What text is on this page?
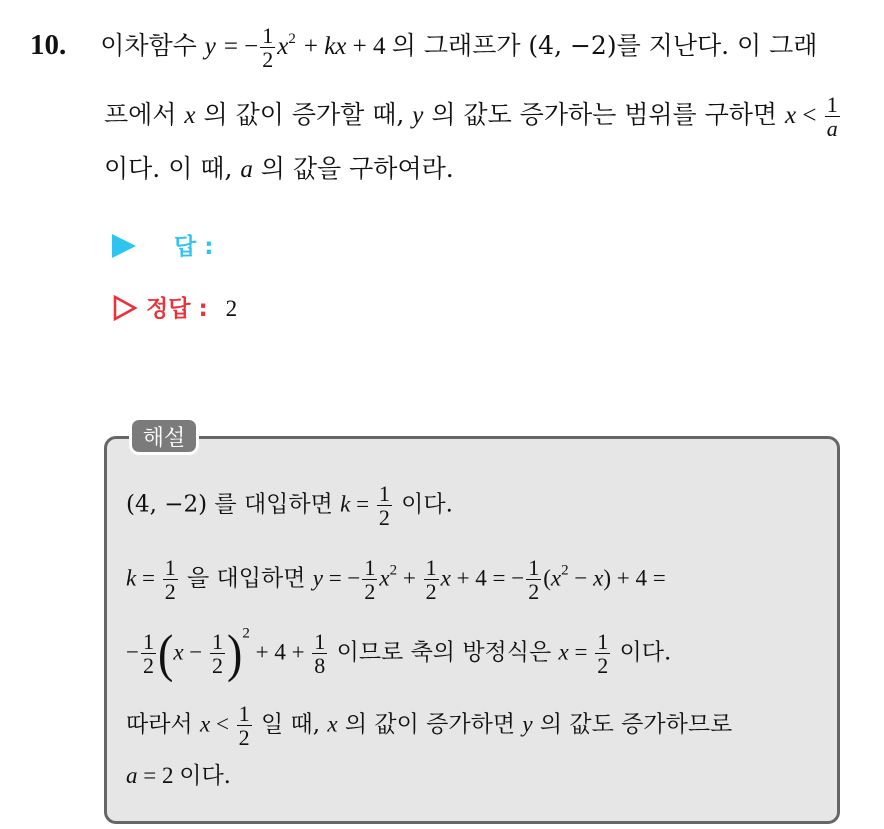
10. 이차함수 y = − $\frac{1}{2} x^2$ + kx + 4 의 그래프가 (4, −2)를 지난다. 이 그래
프에서 x 의 값이 증가할 때, y 의 값도 증가하는 범위를 구하면 $x < \frac{1}{a}$
이다. 이 때, a 의 값을 구하여라.
답 :
정답 : 2
해설
(4, −2) 를 대입하면 $k = \frac{1}{2}$ 이다.
$k = \frac{1}{2}$ 을 대입하면 y = − $\frac{1}{2} x^2 + \frac{1}{2}$ x + 4 = − $\frac{1}{2} (x^2 - x) + 4$ =
− $\frac{1}{2} (x - \frac{1}{2} )^2 + 4 + \frac{1}{8}$ 이므로 축의 방정식은 $x = \frac{1}{2}$ 이다.
따라서 $x < \frac{1}{2}$ 일 때, x 의 값이 증가하면 y 의 값도 증가하므로
a = 2 이다.
